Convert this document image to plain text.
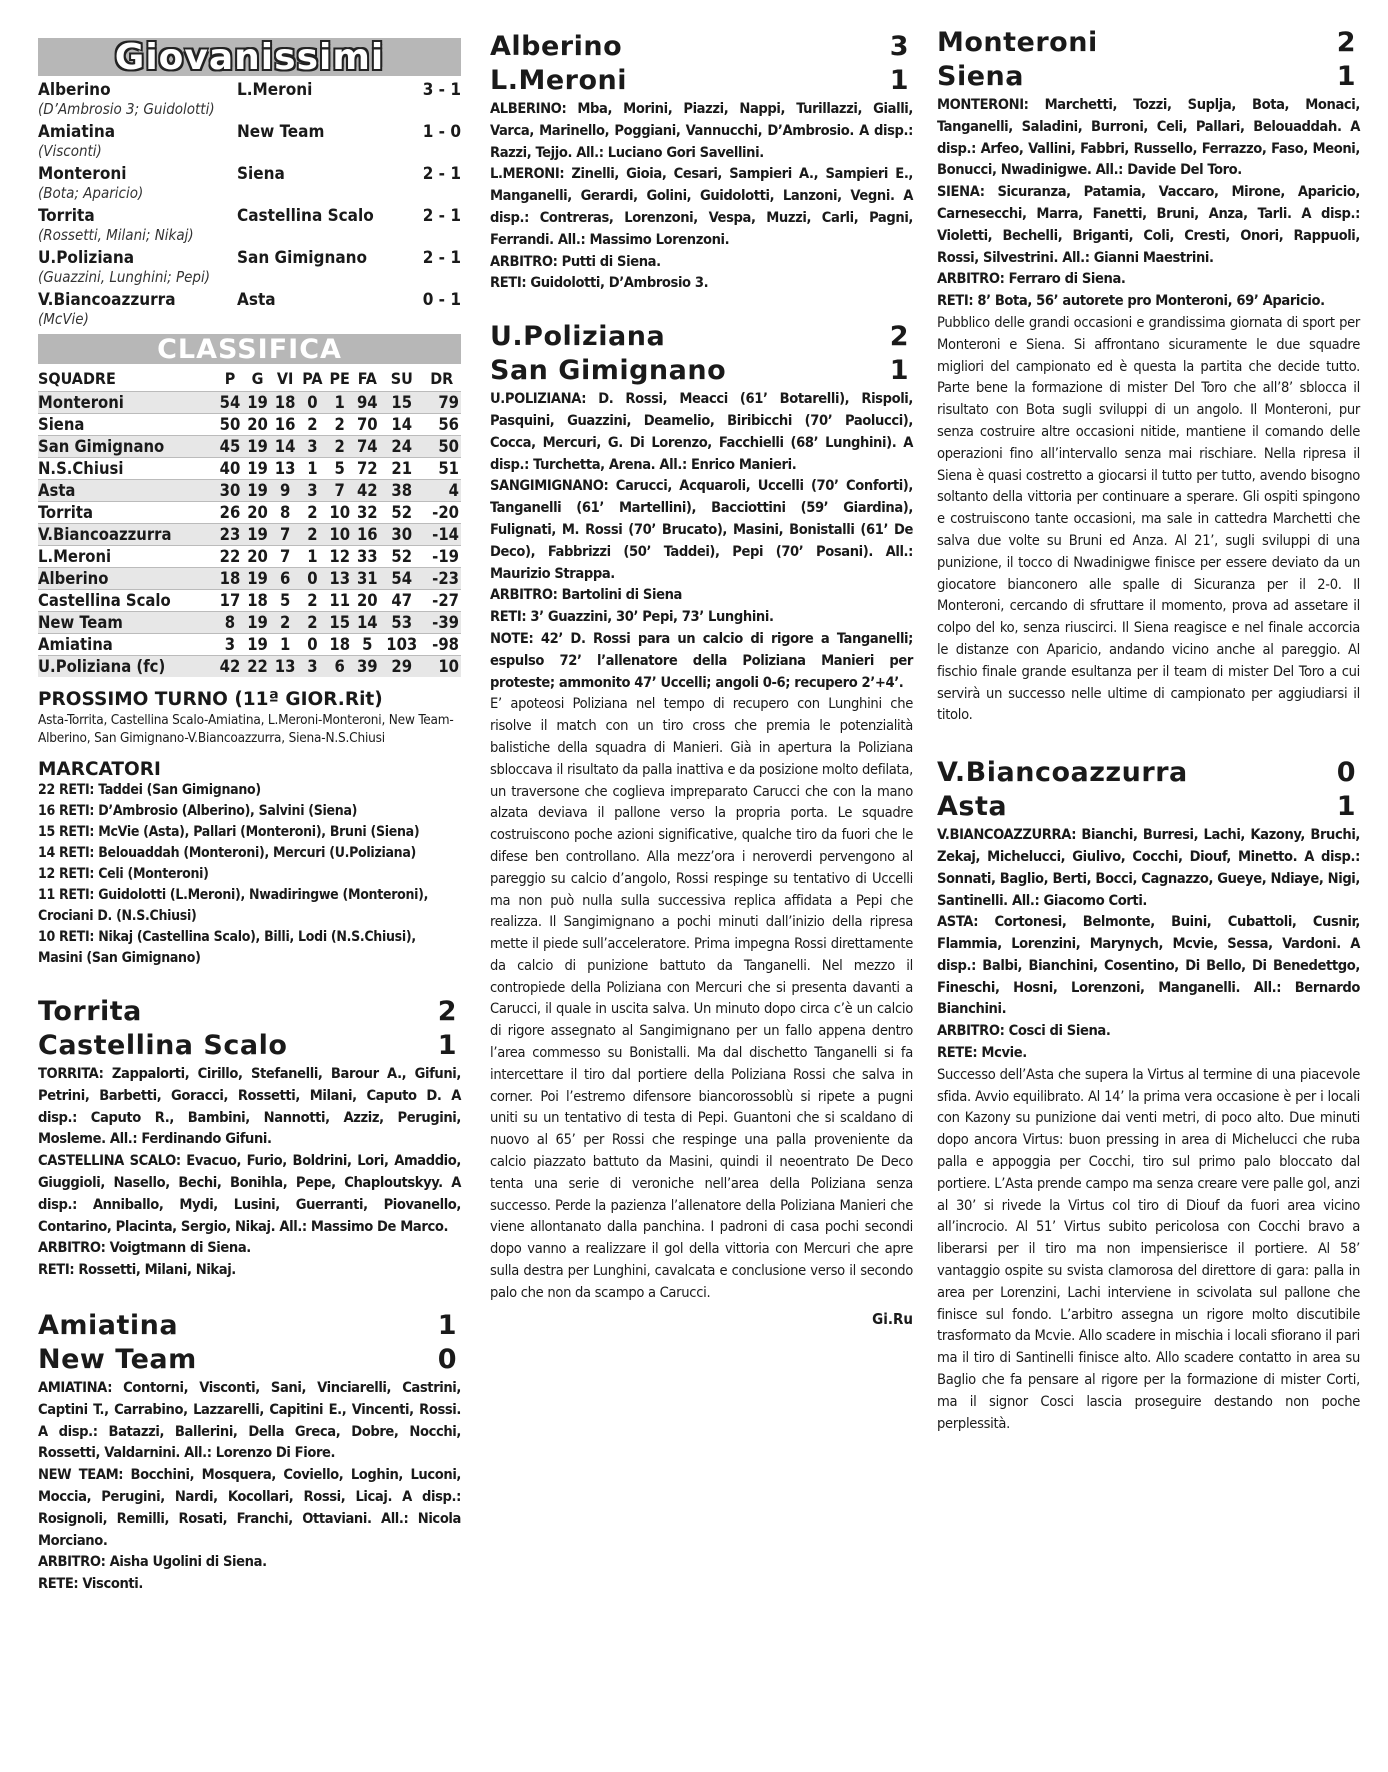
Giovanissimi
Alberino	L.Meroni	3 - 1
(D’Ambrosio 3; Guidolotti)
Amiatina	New Team	1 - 0
(Visconti)
Monteroni	Siena	2 - 1
(Bota; Aparicio)
Torrita	Castellina Scalo	2 - 1
(Rossetti, Milani; Nikaj)
U.Poliziana	San Gimignano	2 - 1
(Guazzini, Lunghini; Pepi)
V.Biancoazzurra	Asta	0 - 1
(McVie)
CLASSIFICA
SQUADRE	P	G	VI	PA	PE	FA	SU	DR
Monteroni	54	19	18	0	1	94	15	79
Siena	50	20	16	2	2	70	14	56
San Gimignano	45	19	14	3	2	74	24	50
N.S.Chiusi	40	19	13	1	5	72	21	51
Asta	30	19	9	3	7	42	38	4
Torrita	26	20	8	2	10	32	52	-20
V.Biancoazzurra	23	19	7	2	10	16	30	-14
L.Meroni	22	20	7	1	12	33	52	-19
Alberino	18	19	6	0	13	31	54	-23
Castellina Scalo	17	18	5	2	11	20	47	-27
New Team	8	19	2	2	15	14	53	-39
Amiatina	3	19	1	0	18	5	103	-98
U.Poliziana (fc)	42	22	13	3	6	39	29	10
PROSSIMO TURNO (11ª GIOR.Rit)
Asta-Torrita, Castellina Scalo-Amiatina, L.Meroni-Monteroni, New Team-Alberino, San Gimignano-V.Biancoazzurra, Siena-N.S.Chiusi
MARCATORI
22 RETI: Taddei (San Gimignano)
16 RETI: D’Ambrosio (Alberino), Salvini (Siena)
15 RETI: McVie (Asta), Pallari (Monteroni), Bruni (Siena)
14 RETI: Belouaddah (Monteroni), Mercuri (U.Poliziana)
12 RETI: Celi (Monteroni)
11 RETI: Guidolotti (L.Meroni), Nwadiringwe (Monteroni), Crociani D. (N.S.Chiusi)
10 RETI: Nikaj (Castellina Scalo), Billi, Lodi (N.S.Chiusi), Masini (San Gimignano)
Torrita	2
Castellina Scalo	1
TORRITA: Zappalorti, Cirillo, Stefanelli, Barour A., Gifuni, Petrini, Barbetti, Goracci, Rossetti, Milani, Caputo D. A disp.: Caputo R., Bambini, Nannotti, Azziz, Perugini, Mosleme. All.: Ferdinando Gifuni.
CASTELLINA SCALO: Evacuo, Furio, Boldrini, Lori, Amaddio, Giuggioli, Nasello, Bechi, Bonihla, Pepe, Chaploutskyy. A disp.: Anniballo, Mydi, Lusini, Guerranti, Piovanello, Contarino, Placinta, Sergio, Nikaj. All.: Massimo De Marco.
ARBITRO: Voigtmann di Siena.
RETI: Rossetti, Milani, Nikaj.
Amiatina	1
New Team	0
AMIATINA: Contorni, Visconti, Sani, Vinciarelli, Castrini, Captini T., Carrabino, Lazzarelli, Capitini E., Vincenti, Rossi. A disp.: Batazzi, Ballerini, Della Greca, Dobre, Nocchi, Rossetti, Valdarnini. All.: Lorenzo Di Fiore.
NEW TEAM: Bocchini, Mosquera, Coviello, Loghin, Luconi, Moccia, Perugini, Nardi, Kocollari, Rossi, Licaj. A disp.: Rosignoli, Remilli, Rosati, Franchi, Ottaviani. All.: Nicola Morciano.
ARBITRO: Aisha Ugolini di Siena.
RETE: Visconti.
Alberino	3
L.Meroni	1
ALBERINO: Mba, Morini, Piazzi, Nappi, Turillazzi, Gialli, Varca, Marinello, Poggiani, Vannucchi, D’Ambrosio. A disp.: Razzi, Tejjo. All.: Luciano Gori Savellini.
L.MERONI: Zinelli, Gioia, Cesari, Sampieri A., Sampieri E., Manganelli, Gerardi, Golini, Guidolotti, Lanzoni, Vegni. A disp.: Contreras, Lorenzoni, Vespa, Muzzi, Carli, Pagni, Ferrandi. All.: Massimo Lorenzoni.
ARBITRO: Putti di Siena.
RETI: Guidolotti, D’Ambrosio 3.
U.Poliziana	2
San Gimignano	1
U.POLIZIANA: D. Rossi, Meacci (61’ Botarelli), Rispoli, Pasquini, Guazzini, Deamelio, Biribicchi (70’ Paolucci), Cocca, Mercuri, G. Di Lorenzo, Facchielli (68’ Lunghini). A disp.: Turchetta, Arena. All.: Enrico Manieri.
SANGIMIGNANO: Carucci, Acquaroli, Uccelli (70’ Conforti), Tanganelli (61’ Martellini), Bacciottini (59’ Giardina), Fulignati, M. Rossi (70’ Brucato), Masini, Bonistalli (61’ De Deco), Fabbrizzi (50’ Taddei), Pepi (70’ Posani). All.: Maurizio Strappa.
ARBITRO: Bartolini di Siena
RETI: 3’ Guazzini, 30’ Pepi, 73’ Lunghini.
NOTE: 42’ D. Rossi para un calcio di rigore a Tanganelli; espulso 72’ l’allenatore della Poliziana Manieri per proteste; ammonito 47’ Uccelli; angoli 0-6; recupero 2’+4’.
E’ apoteosi Poliziana nel tempo di recupero con Lunghini che risolve il match con un tiro cross che premia le potenzialità balistiche della squadra di Manieri. Già in apertura la Poliziana sbloccava il risultato da palla inattiva e da posizione molto defilata, un traversone che coglieva impreparato Carucci che con la mano alzata deviava il pallone verso la propria porta. Le squadre costruiscono poche azioni significative, qualche tiro da fuori che le difese ben controllano. Alla mezz’ora i neroverdi pervengono al pareggio su calcio d’angolo, Rossi respinge su tentativo di Uccelli ma non può nulla sulla successiva replica affidata a Pepi che realizza. Il Sangimignano a pochi minuti dall’inizio della ripresa mette il piede sull’acceleratore. Prima impegna Rossi direttamente da calcio di punizione battuto da Tanganelli. Nel mezzo il contropiede della Poliziana con Mercuri che si presenta davanti a Carucci, il quale in uscita salva. Un minuto dopo circa c’è un calcio di rigore assegnato al Sangimignano per un fallo appena dentro l’area commesso su Bonistalli. Ma dal dischetto Tanganelli si fa intercettare il tiro dal portiere della Poliziana Rossi che salva in corner. Poi l’estremo difensore biancorossoblù si ripete a pugni uniti su un tentativo di testa di Pepi. Guantoni che si scaldano di nuovo al 65’ per Rossi che respinge una palla proveniente da calcio piazzato battuto da Masini, quindi il neoentrato De Deco tenta una serie di veroniche nell’area della Poliziana senza successo. Perde la pazienza l’allenatore della Poliziana Manieri che viene allontanato dalla panchina. I padroni di casa pochi secondi dopo vanno a realizzare il gol della vittoria con Mercuri che apre sulla destra per Lunghini, cavalcata e conclusione verso il secondo palo che non da scampo a Carucci.
Gi.Ru
Monteroni	2
Siena	1
MONTERONI: Marchetti, Tozzi, Suplja, Bota, Monaci, Tanganelli, Saladini, Burroni, Celi, Pallari, Belouaddah. A disp.: Arfeo, Vallini, Fabbri, Russello, Ferrazzo, Faso, Meoni, Bonucci, Nwadinigwe. All.: Davide Del Toro.
SIENA: Sicuranza, Patamia, Vaccaro, Mirone, Aparicio, Carnesecchi, Marra, Fanetti, Bruni, Anza, Tarli. A disp.: Violetti, Bechelli, Briganti, Coli, Cresti, Onori, Rappuoli, Rossi, Silvestrini. All.: Gianni Maestrini.
ARBITRO: Ferraro di Siena.
RETI: 8’ Bota, 56’ autorete pro Monteroni, 69’ Aparicio.
Pubblico delle grandi occasioni e grandissima giornata di sport per Monteroni e Siena. Si affrontano sicuramente le due squadre migliori del campionato ed è questa la partita che decide tutto. Parte bene la formazione di mister Del Toro che all’8’ sblocca il risultato con Bota sugli sviluppi di un angolo. Il Monteroni, pur senza costruire altre occasioni nitide, mantiene il comando delle operazioni fino all’intervallo senza mai rischiare. Nella ripresa il Siena è quasi costretto a giocarsi il tutto per tutto, avendo bisogno soltanto della vittoria per continuare a sperare. Gli ospiti spingono e costruiscono tante occasioni, ma sale in cattedra Marchetti che salva due volte su Bruni ed Anza. Al 21’, sugli sviluppi di una punizione, il tocco di Nwadinigwe finisce per essere deviato da un giocatore bianconero alle spalle di Sicuranza per il 2-0. Il Monteroni, cercando di sfruttare il momento, prova ad assetare il colpo del ko, senza riuscirci. Il Siena reagisce e nel finale accorcia le distanze con Aparicio, andando vicino anche al pareggio. Al fischio finale grande esultanza per il team di mister Del Toro a cui servirà un successo nelle ultime di campionato per aggiudiarsi il titolo.
V.Biancoazzurra	0
Asta	1
V.BIANCOAZZURRA: Bianchi, Burresi, Lachi, Kazony, Bruchi, Zekaj, Michelucci, Giulivo, Cocchi, Diouf, Minetto. A disp.: Sonnati, Baglio, Berti, Bocci, Cagnazzo, Gueye, Ndiaye, Nigi, Santinelli. All.: Giacomo Corti.
ASTA: Cortonesi, Belmonte, Buini, Cubattoli, Cusnir, Flammia, Lorenzini, Marynych, Mcvie, Sessa, Vardoni. A disp.: Balbi, Bianchini, Cosentino, Di Bello, Di Benedettgo, Fineschi, Hosni, Lorenzoni, Manganelli. All.: Bernardo Bianchini.
ARBITRO: Cosci di Siena.
RETE: Mcvie.
Successo dell’Asta che supera la Virtus al termine di una piacevole sfida. Avvio equilibrato. Al 14’ la prima vera occasione è per i locali con Kazony su punizione dai venti metri, di poco alto. Due minuti dopo ancora Virtus: buon pressing in area di Michelucci che ruba palla e appoggia per Cocchi, tiro sul primo palo bloccato dal portiere. L’Asta prende campo ma senza creare vere palle gol, anzi al 30’ si rivede la Virtus col tiro di Diouf da fuori area vicino all’incrocio. Al 51’ Virtus subito pericolosa con Cocchi bravo a liberarsi per il tiro ma non impensierisce il portiere. Al 58’ vantaggio ospite su svista clamorosa del direttore di gara: palla in area per Lorenzini, Lachi interviene in scivolata sul pallone che finisce sul fondo. L’arbitro assegna un rigore molto discutibile trasformato da Mcvie. Allo scadere in mischia i locali sfiorano il pari ma il tiro di Santinelli finisce alto. Allo scadere contatto in area su Baglio che fa pensare al rigore per la formazione di mister Corti, ma il signor Cosci lascia proseguire destando non poche perplessità.
